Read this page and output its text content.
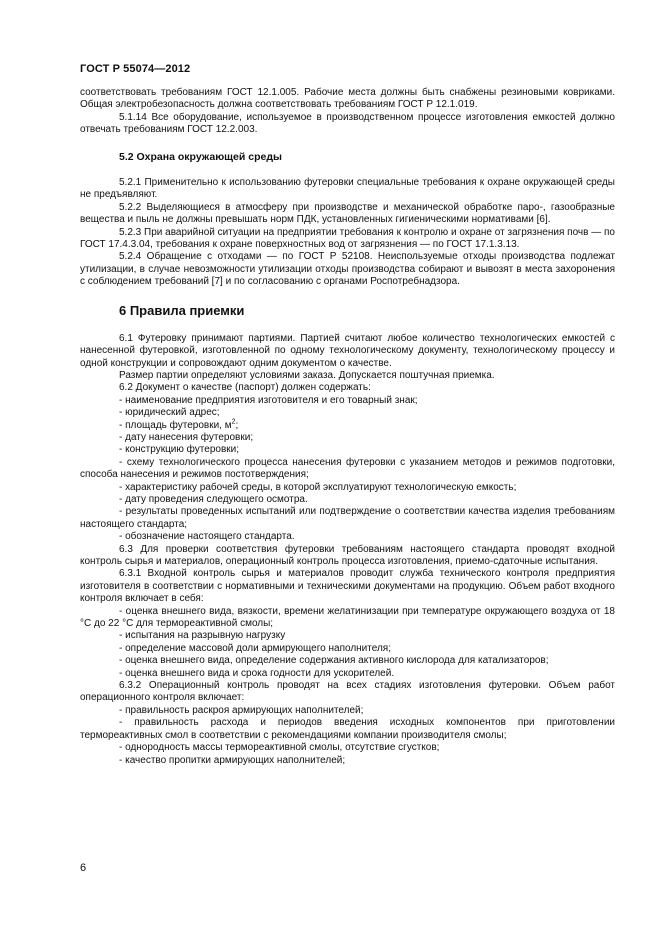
ГОСТ Р 55074—2012

соответствовать требованиям ГОСТ 12.1.005. Рабочие места должны быть снабжены резиновыми ковриками. Общая электробезопасность должна соответствовать требованиям ГОСТ Р 12.1.019.

5.1.14 Все оборудование, используемое в производственном процессе изготовления емкостей должно отвечать требованиям ГОСТ 12.2.003.

5.2 Охрана окружающей среды

5.2.1 Применительно к использованию футеровки специальные требования к охране окружающей среды не предъявляют.

5.2.2 Выделяющиеся в атмосферу при производстве и механической обработке паро-, газообразные вещества и пыль не должны превышать норм ПДК, установленных гигиеническими нормативами [6].

5.2.3 При аварийной ситуации на предприятии требования к контролю и охране от загрязнения почв — по ГОСТ 17.4.3.04, требования к охране поверхностных вод от загрязнения — по ГОСТ 17.1.3.13.

5.2.4 Обращение с отходами — по ГОСТ Р 52108. Неиспользуемые отходы производства подлежат утилизации, в случае невозможности утилизации отходы производства собирают и вывозят в места захоронения с соблюдением требований [7] и по согласованию с органами Роспотребнадзора.

6 Правила приемки

6.1 Футеровку принимают партиями. Партией считают любое количество технологических емкостей с нанесенной футеровкой, изготовленной по одному технологическому документу, технологическому процессу и одной конструкции и сопровождают одним документом о качестве.

Размер партии определяют условиями заказа. Допускается поштучная приемка.

6.2 Документ о качестве (паспорт) должен содержать:

- наименование предприятия изготовителя и его товарный знак;

- юридический адрес;

- площадь футеровки, $м^2$;

- дату нанесения футеровки;

- конструкцию футеровки;

- схему технологического процесса нанесения футеровки с указанием методов и режимов подготовки, способа нанесения и режимов постотверждения;

- характеристику рабочей среды, в которой эксплуатируют технологическую емкость;

- дату проведения следующего осмотра.

- результаты проведенных испытаний или подтверждение о соответствии качества изделия требованиям настоящего стандарта;

- обозначение настоящего стандарта.

6.3 Для проверки соответствия футеровки требованиям настоящего стандарта проводят входной контроль сырья и материалов, операционный контроль процесса изготовления, приемо-сдаточные испытания.

6.3.1 Входной контроль сырья и материалов проводит служба технического контроля предприятия изготовителя в соответствии с нормативными и техническими документами на продукцию. Объем работ входного контроля включает в себя:

- оценка внешнего вида, вязкости, времени желатинизации при температуре окружающего воздуха от 18 °С до 22 °С для термореактивной смолы;

- испытания на разрывную нагрузку

- определение массовой доли армирующего наполнителя;

- оценка внешнего вида, определение содержания активного кислорода для катализаторов;

- оценка внешнего вида и срока годности для ускорителей.

6.3.2 Операционный контроль проводят на всех стадиях изготовления футеровки. Объем работ операционного контроля включает:

- правильность раскроя армирующих наполнителей;

- правильность расхода и периодов введения исходных компонентов при приготовлении термореактивных смол в соответствии с рекомендациями компании производителя смолы;

- однородность массы термореактивной смолы, отсутствие сгустков;

- качество пропитки армирующих наполнителей;

6
